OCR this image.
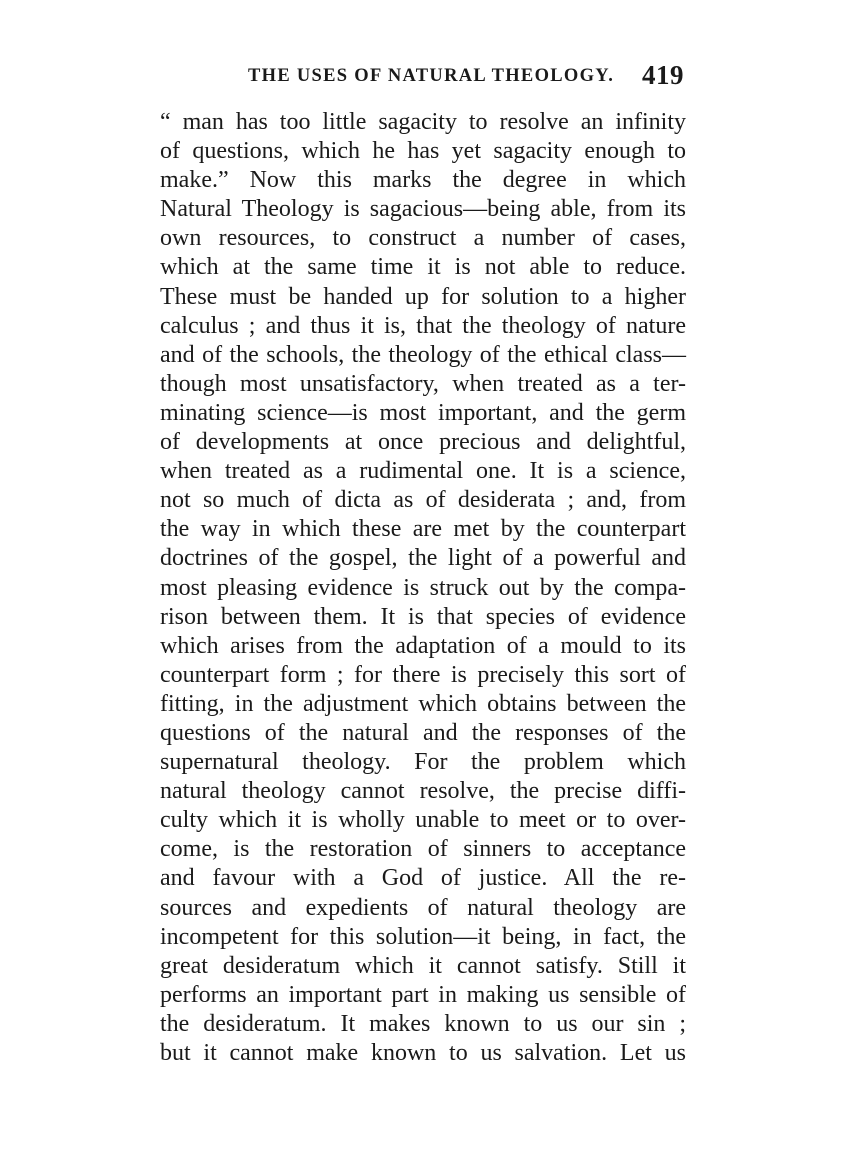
THE USES OF NATURAL THEOLOGY. 419
“ man has too little sagacity to resolve an infinity
of questions, which he has yet sagacity enough to
make.” Now this marks the degree in which
Natural Theology is sagacious—being able, from its
own resources, to construct a number of cases,
which at the same time it is not able to reduce.
These must be handed up for solution to a higher
calculus ; and thus it is, that the theology of nature
and of the schools, the theology of the ethical class—
though most unsatisfactory, when treated as a ter-
minating science—is most important, and the germ
of developments at once precious and delightful,
when treated as a rudimental one. It is a science,
not so much of dicta as of desiderata ; and, from
the way in which these are met by the counterpart
doctrines of the gospel, the light of a powerful and
most pleasing evidence is struck out by the compa-
rison between them. It is that species of evidence
which arises from the adaptation of a mould to its
counterpart form ; for there is precisely this sort of
fitting, in the adjustment which obtains between the
questions of the natural and the responses of the
supernatural theology. For the problem which
natural theology cannot resolve, the precise diffi-
culty which it is wholly unable to meet or to over-
come, is the restoration of sinners to acceptance
and favour with a God of justice. All the re-
sources and expedients of natural theology are
incompetent for this solution—it being, in fact, the
great desideratum which it cannot satisfy. Still it
performs an important part in making us sensible of
the desideratum. It makes known to us our sin ;
but it cannot make known to us salvation. Let us
